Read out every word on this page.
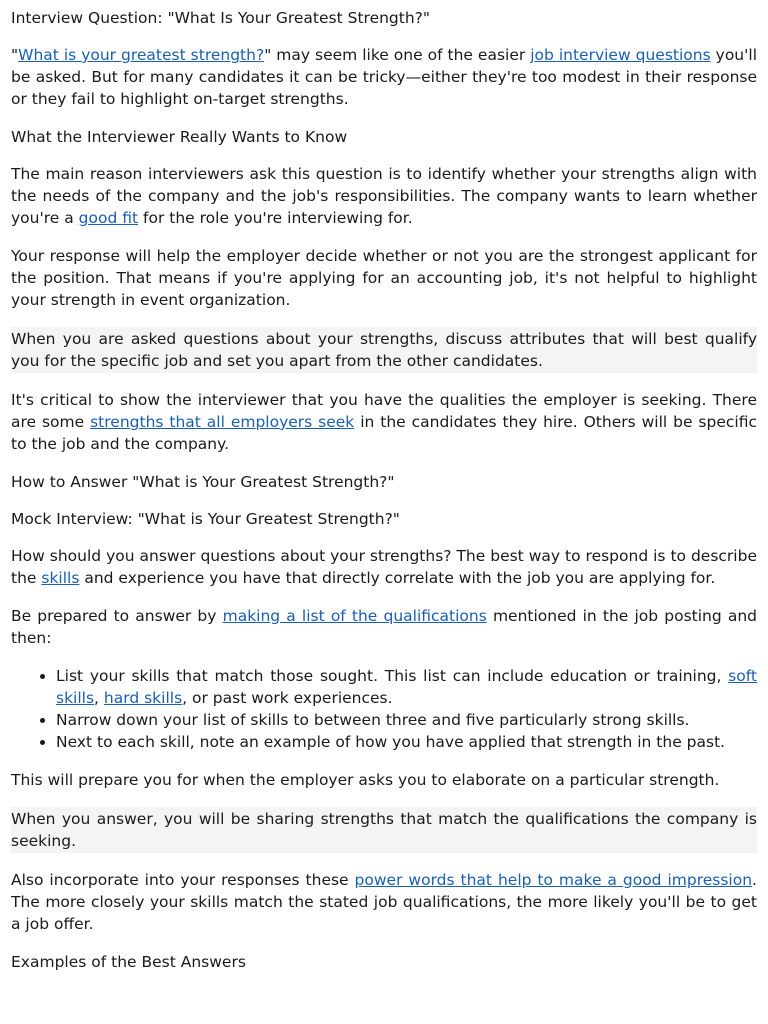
Interview Question: "What Is Your Greatest Strength?"

"What is your greatest strength?" may seem like one of the easier job interview questions you'll be asked. But for many candidates it can be tricky—either they're too modest in their response or they fail to highlight on-target strengths.

What the Interviewer Really Wants to Know

The main reason interviewers ask this question is to identify whether your strengths align with the needs of the company and the job's responsibilities. The company wants to learn whether you're a good fit for the role you're interviewing for.

Your response will help the employer decide whether or not you are the strongest applicant for the position. That means if you're applying for an accounting job, it's not helpful to highlight your strength in event organization.

When you are asked questions about your strengths, discuss attributes that will best qualify you for the specific job and set you apart from the other candidates.

It's critical to show the interviewer that you have the qualities the employer is seeking. There are some strengths that all employers seek in the candidates they hire. Others will be specific to the job and the company.

How to Answer "What is Your Greatest Strength?"
Mock Interview: "What is Your Greatest Strength?"

How should you answer questions about your strengths? The best way to respond is to describe the skills and experience you have that directly correlate with the job you are applying for.

Be prepared to answer by making a list of the qualifications mentioned in the job posting and then:

• List your skills that match those sought. This list can include education or training, soft skills, hard skills, or past work experiences.
• Narrow down your list of skills to between three and five particularly strong skills.
• Next to each skill, note an example of how you have applied that strength in the past.

This will prepare you for when the employer asks you to elaborate on a particular strength.

When you answer, you will be sharing strengths that match the qualifications the company is seeking.

Also incorporate into your responses these power words that help to make a good impression. The more closely your skills match the stated job qualifications, the more likely you'll be to get a job offer.

Examples of the Best Answers
